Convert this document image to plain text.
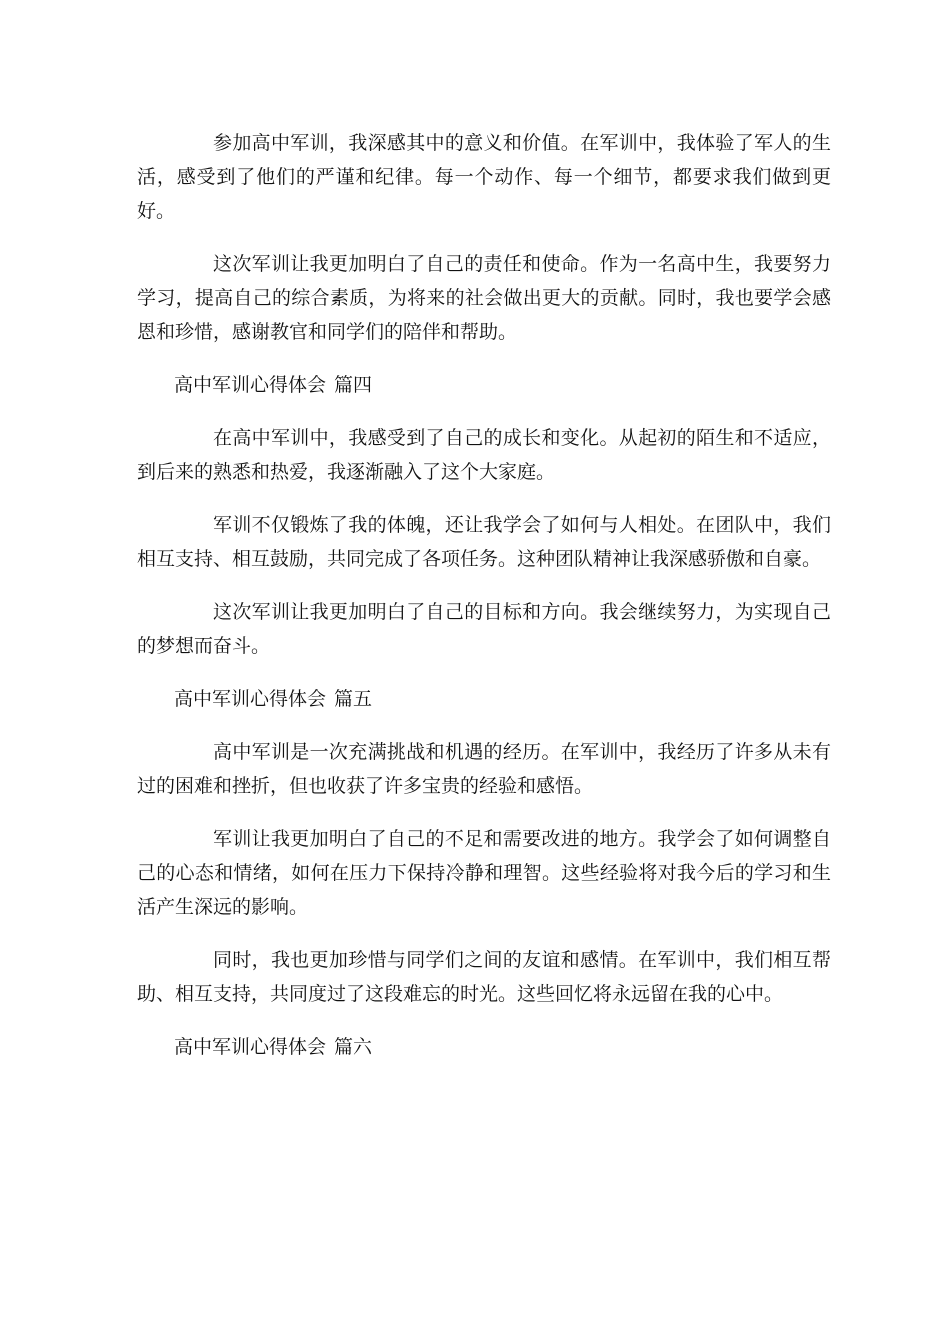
参加高中军训，我深感其中的意义和价值。在军训中，我体验了军人的生活，感受到了他们的严谨和纪律。每一个动作、每一个细节，都要求我们做到更好。

这次军训让我更加明白了自己的责任和使命。作为一名高中生，我要努力学习，提高自己的综合素质，为将来的社会做出更大的贡献。同时，我也要学会感恩和珍惜，感谢教官和同学们的陪伴和帮助。

高中军训心得体会 篇四

在高中军训中，我感受到了自己的成长和变化。从起初的陌生和不适应，到后来的熟悉和热爱，我逐渐融入了这个大家庭。

军训不仅锻炼了我的体魄，还让我学会了如何与人相处。在团队中，我们相互支持、相互鼓励，共同完成了各项任务。这种团队精神让我深感骄傲和自豪。

这次军训让我更加明白了自己的目标和方向。我会继续努力，为实现自己的梦想而奋斗。

高中军训心得体会 篇五

高中军训是一次充满挑战和机遇的经历。在军训中，我经历了许多从未有过的困难和挫折，但也收获了许多宝贵的经验和感悟。

军训让我更加明白了自己的不足和需要改进的地方。我学会了如何调整自己的心态和情绪，如何在压力下保持冷静和理智。这些经验将对我今后的学习和生活产生深远的影响。

同时，我也更加珍惜与同学们之间的友谊和感情。在军训中，我们相互帮助、相互支持，共同度过了这段难忘的时光。这些回忆将永远留在我的心中。

高中军训心得体会 篇六
